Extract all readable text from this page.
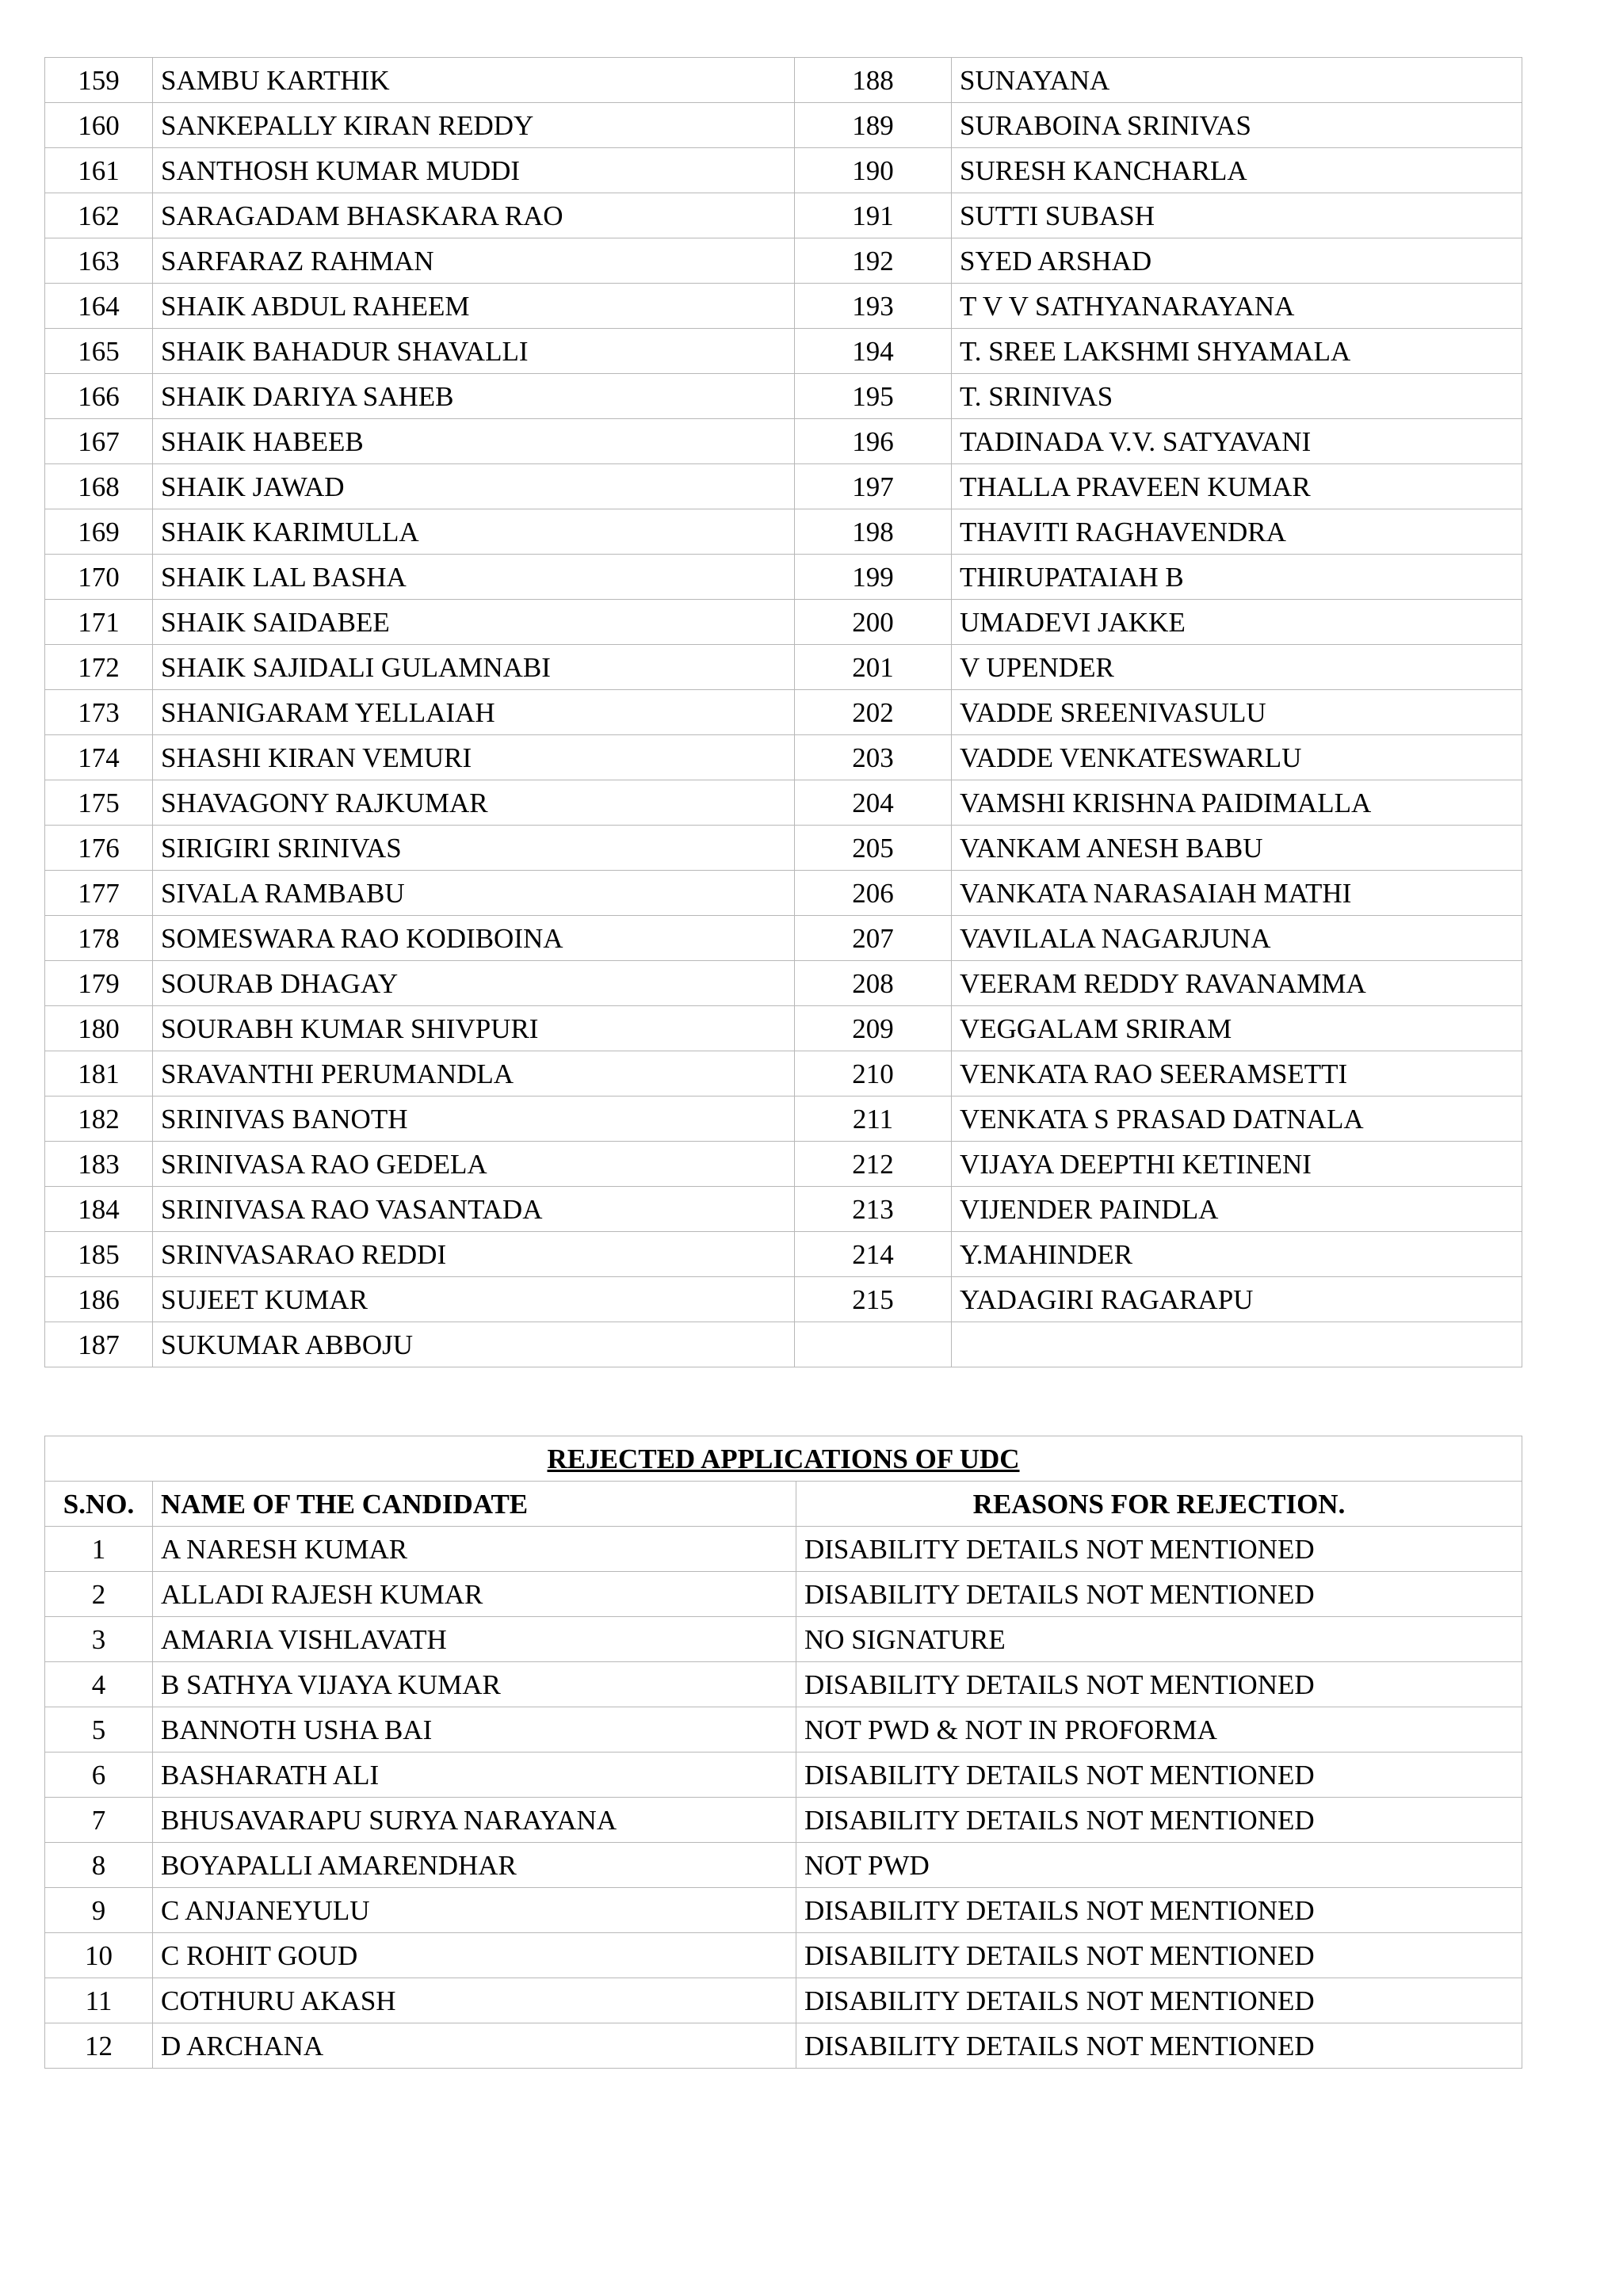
159	SAMBU KARTHIK	188	SUNAYANA
160	SANKEPALLY KIRAN REDDY	189	SURABOINA SRINIVAS
161	SANTHOSH KUMAR MUDDI	190	SURESH KANCHARLA
162	SARAGADAM BHASKARA RAO	191	SUTTI SUBASH
163	SARFARAZ RAHMAN	192	SYED ARSHAD
164	SHAIK ABDUL RAHEEM	193	T V V SATHYANARAYANA
165	SHAIK BAHADUR SHAVALLI	194	T. SREE LAKSHMI SHYAMALA
166	SHAIK DARIYA SAHEB	195	T. SRINIVAS
167	SHAIK HABEEB	196	TADINADA V.V. SATYAVANI
168	SHAIK JAWAD	197	THALLA PRAVEEN KUMAR
169	SHAIK KARIMULLA	198	THAVITI RAGHAVENDRA
170	SHAIK LAL BASHA	199	THIRUPATAIAH B
171	SHAIK SAIDABEE	200	UMADEVI JAKKE
172	SHAIK SAJIDALI GULAMNABI	201	V UPENDER
173	SHANIGARAM YELLAIAH	202	VADDE SREENIVASULU
174	SHASHI KIRAN VEMURI	203	VADDE VENKATESWARLU
175	SHAVAGONY RAJKUMAR	204	VAMSHI KRISHNA PAIDIMALLA
176	SIRIGIRI SRINIVAS	205	VANKAM ANESH BABU
177	SIVALA RAMBABU	206	VANKATA NARASAIAH MATHI
178	SOMESWARA RAO KODIBOINA	207	VAVILALA NAGARJUNA
179	SOURAB DHAGAY	208	VEERAM REDDY RAVANAMMA
180	SOURABH KUMAR SHIVPURI	209	VEGGALAM SRIRAM
181	SRAVANTHI PERUMANDLA	210	VENKATA RAO SEERAMSETTI
182	SRINIVAS BANOTH	211	VENKATA S PRASAD DATNALA
183	SRINIVASA RAO GEDELA	212	VIJAYA DEEPTHI KETINENI
184	SRINIVASA RAO VASANTADA	213	VIJENDER PAINDLA
185	SRINVASARAO REDDI	214	Y.MAHINDER
186	SUJEET KUMAR	215	YADAGIRI RAGARAPU
187	SUKUMAR ABBOJU		
REJECTED APPLICATIONS OF UDC		
S.NO.	NAME OF THE CANDIDATE	REASONS FOR REJECTION.
1	A NARESH KUMAR	DISABILITY DETAILS NOT MENTIONED
2	ALLADI RAJESH KUMAR	DISABILITY DETAILS NOT MENTIONED
3	AMARIA VISHLAVATH	NO SIGNATURE
4	B SATHYA VIJAYA KUMAR	DISABILITY DETAILS NOT MENTIONED
5	BANNOTH USHA BAI	NOT PWD & NOT IN PROFORMA
6	BASHARATH ALI	DISABILITY DETAILS NOT MENTIONED
7	BHUSAVARAPU SURYA NARAYANA	DISABILITY DETAILS NOT MENTIONED
8	BOYAPALLI AMARENDHAR	NOT PWD
9	C ANJANEYULU	DISABILITY DETAILS NOT MENTIONED
10	C ROHIT GOUD	DISABILITY DETAILS NOT MENTIONED
11	COTHURU AKASH	DISABILITY DETAILS NOT MENTIONED
12	D ARCHANA	DISABILITY DETAILS NOT MENTIONED
